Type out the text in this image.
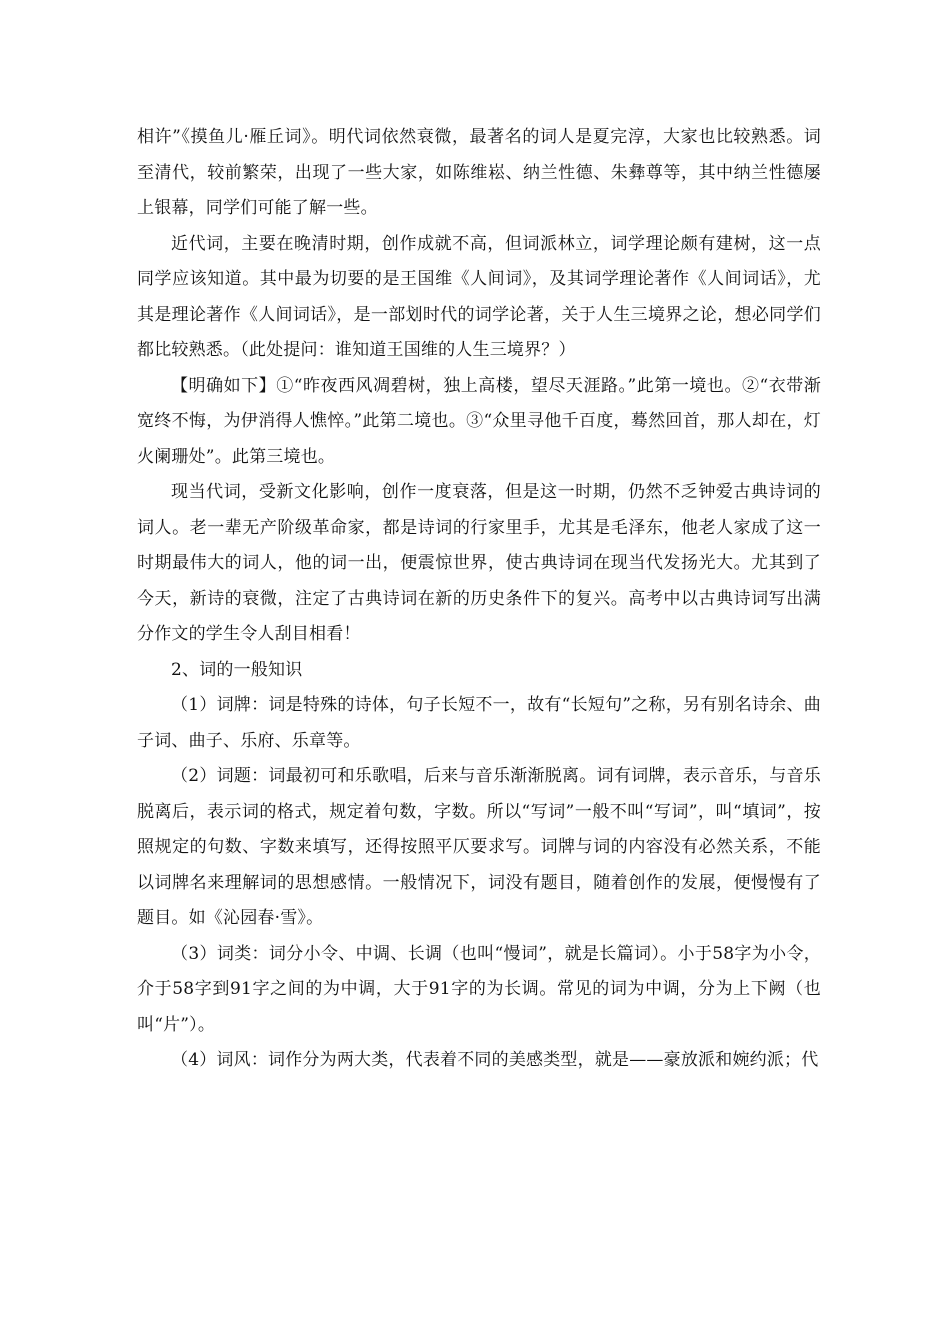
相许”《摸鱼儿·雁丘词》。明代词依然衰微，最著名的词人是夏完淳，大家也比较熟悉。词至清代，较前繁荣，出现了一些大家，如陈维崧、纳兰性德、朱彝尊等，其中纳兰性德屡上银幕，同学们可能了解一些。

近代词，主要在晚清时期，创作成就不高，但词派林立，词学理论颇有建树，这一点同学应该知道。其中最为切要的是王国维《人间词》，及其词学理论著作《人间词话》，尤其是理论著作《人间词话》，是一部划时代的词学论著，关于人生三境界之论，想必同学们都比较熟悉。（此处提问：谁知道王国维的人生三境界？）

【明确如下】①“昨夜西风凋碧树，独上高楼，望尽天涯路。”此第一境也。②“衣带渐宽终不悔，为伊消得人憔悴。”此第二境也。③“众里寻他千百度，蓦然回首，那人却在，灯火阑珊处”。此第三境也。

现当代词，受新文化影响，创作一度衰落，但是这一时期，仍然不乏钟爱古典诗词的词人。老一辈无产阶级革命家，都是诗词的行家里手，尤其是毛泽东，他老人家成了这一时期最伟大的词人，他的词一出，便震惊世界，使古典诗词在现当代发扬光大。尤其到了今天，新诗的衰微，注定了古典诗词在新的历史条件下的复兴。高考中以古典诗词写出满分作文的学生令人刮目相看！

2、词的一般知识

（1）词牌：词是特殊的诗体，句子长短不一，故有“长短句”之称，另有别名诗余、曲子词、曲子、乐府、乐章等。

（2）词题：词最初可和乐歌唱，后来与音乐渐渐脱离。词有词牌，表示音乐，与音乐脱离后，表示词的格式，规定着句数，字数。所以“写词”一般不叫“写词”，叫“填词”，按照规定的句数、字数来填写，还得按照平仄要求写。词牌与词的内容没有必然关系，不能以词牌名来理解词的思想感情。一般情况下，词没有题目，随着创作的发展，便慢慢有了题目。如《沁园春·雪》。

（3）词类：词分小令、中调、长调（也叫“慢词”，就是长篇词）。小于58字为小令，介于58字到91字之间的为中调，大于91字的为长调。常见的词为中调，分为上下阙（也叫“片”）。

（4）词风：词作分为两大类，代表着不同的美感类型，就是——豪放派和婉约派；代
